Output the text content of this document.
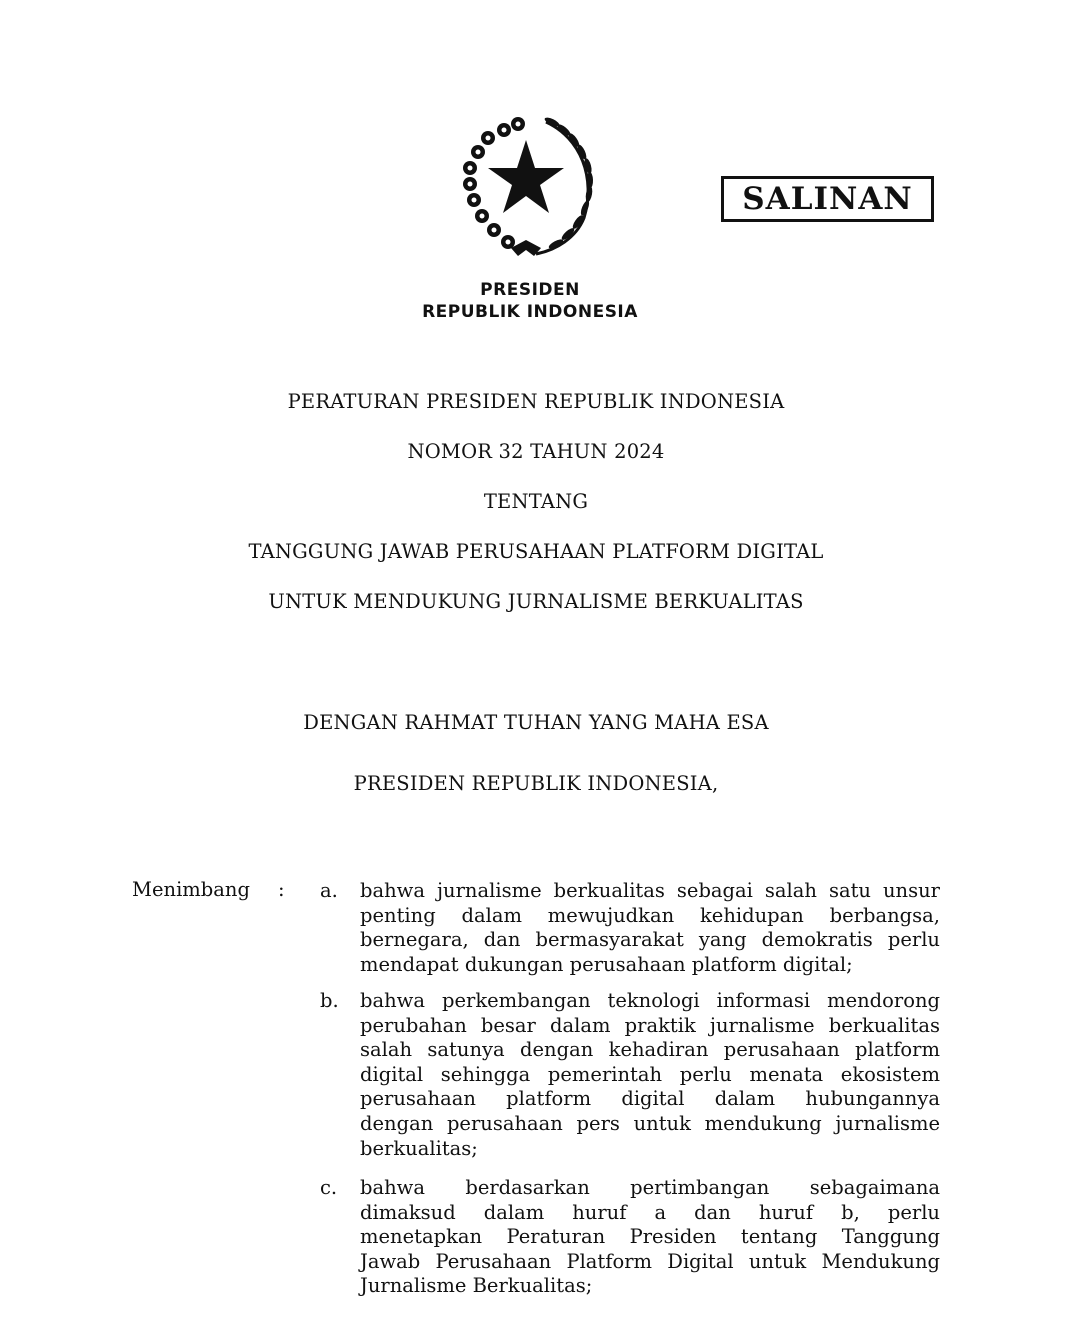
SALINAN
PRESIDEN
REPUBLIK INDONESIA
PERATURAN PRESIDEN REPUBLIK INDONESIA
NOMOR 32 TAHUN 2024
TENTANG
TANGGUNG JAWAB PERUSAHAAN PLATFORM DIGITAL
UNTUK MENDUKUNG JURNALISME BERKUALITAS
DENGAN RAHMAT TUHAN YANG MAHA ESA
PRESIDEN REPUBLIK INDONESIA,
Menimbang : a. bahwa jurnalisme berkualitas sebagai salah satu unsur
penting dalam mewujudkan kehidupan berbangsa,
bernegara, dan bermasyarakat yang demokratis perlu
mendapat dukungan perusahaan platform digital;
b. bahwa perkembangan teknologi informasi mendorong
perubahan besar dalam praktik jurnalisme berkualitas
salah satunya dengan kehadiran perusahaan platform
digital sehingga pemerintah perlu menata ekosistem
perusahaan platform digital dalam hubungannya
dengan perusahaan pers untuk mendukung jurnalisme
berkualitas;
c. bahwa berdasarkan pertimbangan sebagaimana
dimaksud dalam huruf a dan huruf b, perlu
menetapkan Peraturan Presiden tentang Tanggung
Jawab Perusahaan Platform Digital untuk Mendukung
Jurnalisme Berkualitas;
